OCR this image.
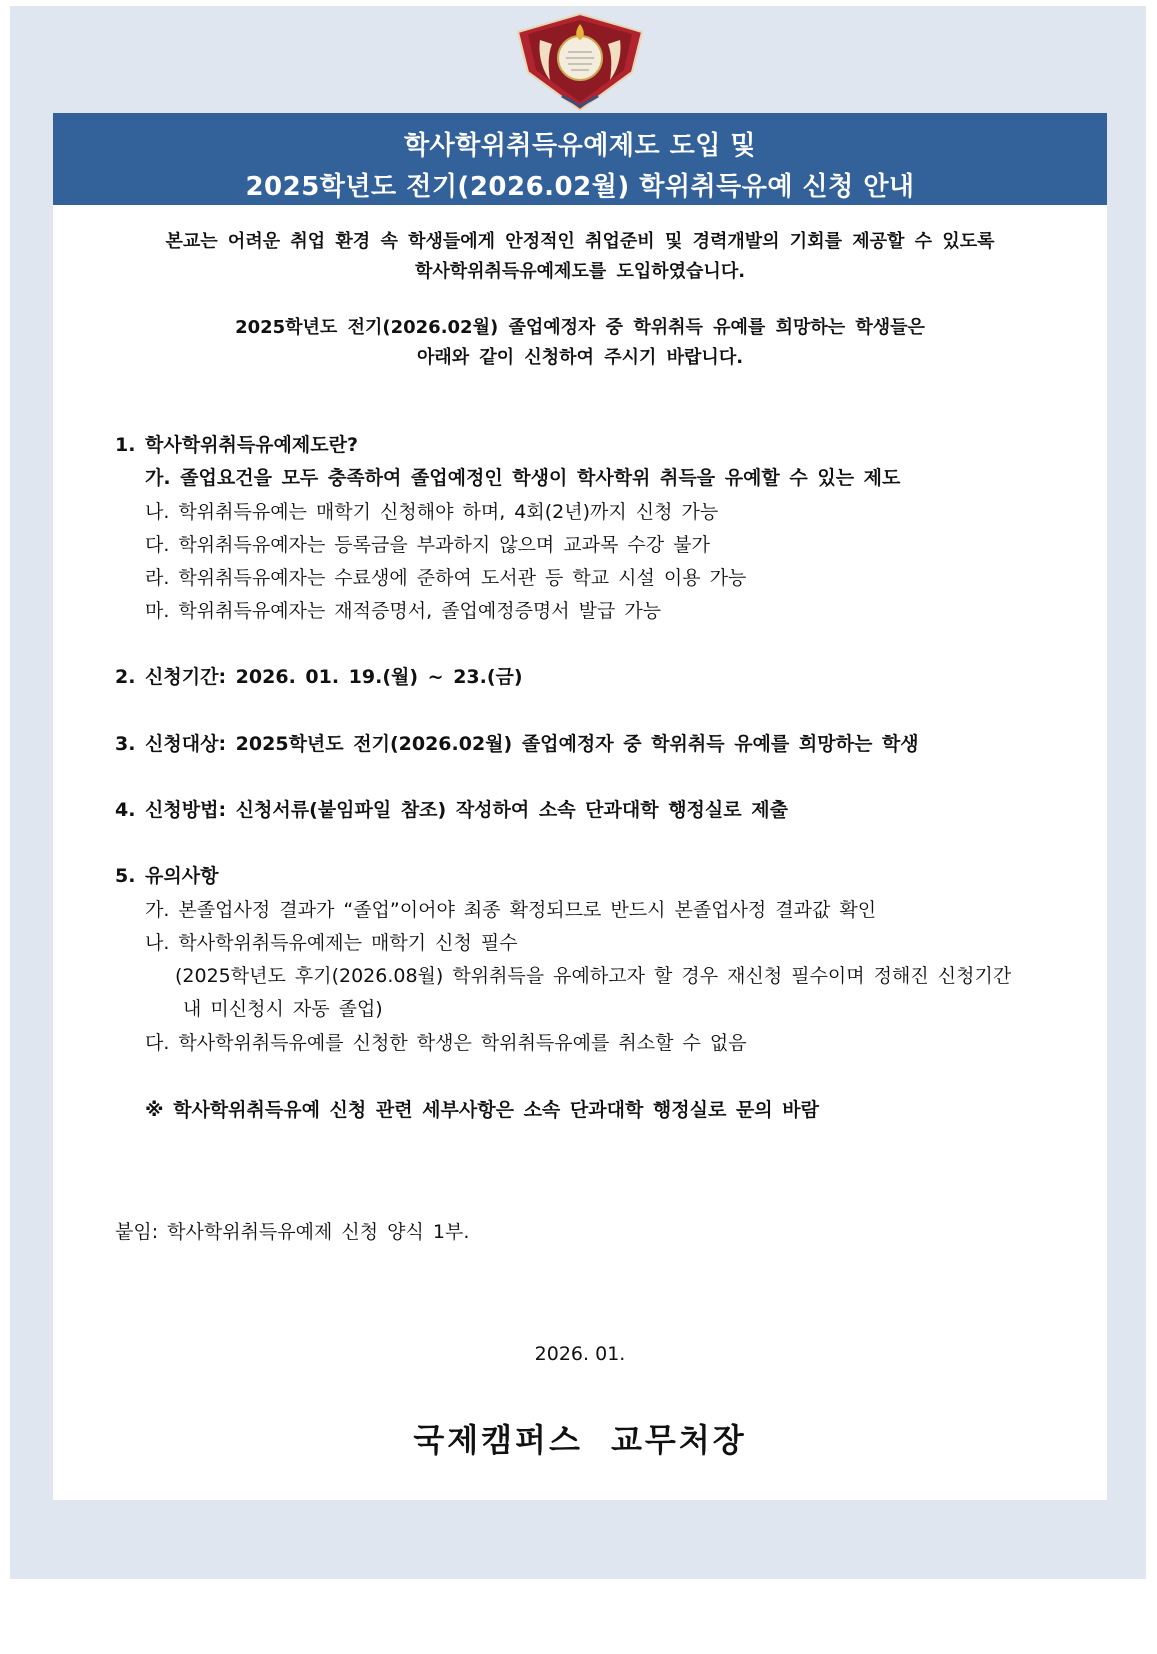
학사학위취득유예제도 도입 및
2025학년도 전기(2026.02월) 학위취득유예 신청 안내
본교는 어려운 취업 환경 속 학생들에게 안정적인 취업준비 및 경력개발의 기회를 제공할 수 있도록
학사학위취득유예제도를 도입하였습니다.
2025학년도 전기(2026.02월) 졸업예정자 중 학위취득 유예를 희망하는 학생들은
아래와 같이 신청하여 주시기 바랍니다.
1. 학사학위취득유예제도란?
가. 졸업요건을 모두 충족하여 졸업예정인 학생이 학사학위 취득을 유예할 수 있는 제도
나. 학위취득유예는 매학기 신청해야 하며, 4회(2년)까지 신청 가능
다. 학위취득유예자는 등록금을 부과하지 않으며 교과목 수강 불가
라. 학위취득유예자는 수료생에 준하여 도서관 등 학교 시설 이용 가능
마. 학위취득유예자는 재적증명서, 졸업예정증명서 발급 가능
2. 신청기간: 2026. 01. 19.(월) ~ 23.(금)
3. 신청대상: 2025학년도 전기(2026.02월) 졸업예정자 중 학위취득 유예를 희망하는 학생
4. 신청방법: 신청서류(붙임파일 참조) 작성하여 소속 단과대학 행정실로 제출
5. 유의사항
가. 본졸업사정 결과가 “졸업”이어야 최종 확정되므로 반드시 본졸업사정 결과값 확인
나. 학사학위취득유예제는 매학기 신청 필수
(2025학년도 후기(2026.08월) 학위취득을 유예하고자 할 경우 재신청 필수이며 정해진 신청기간
내 미신청시 자동 졸업)
다. 학사학위취득유예를 신청한 학생은 학위취득유예를 취소할 수 없음
※ 학사학위취득유예 신청 관련 세부사항은 소속 단과대학 행정실로 문의 바람
붙임: 학사학위취득유예제 신청 양식 1부.
2026. 01.
국제캠퍼스 교무처장
